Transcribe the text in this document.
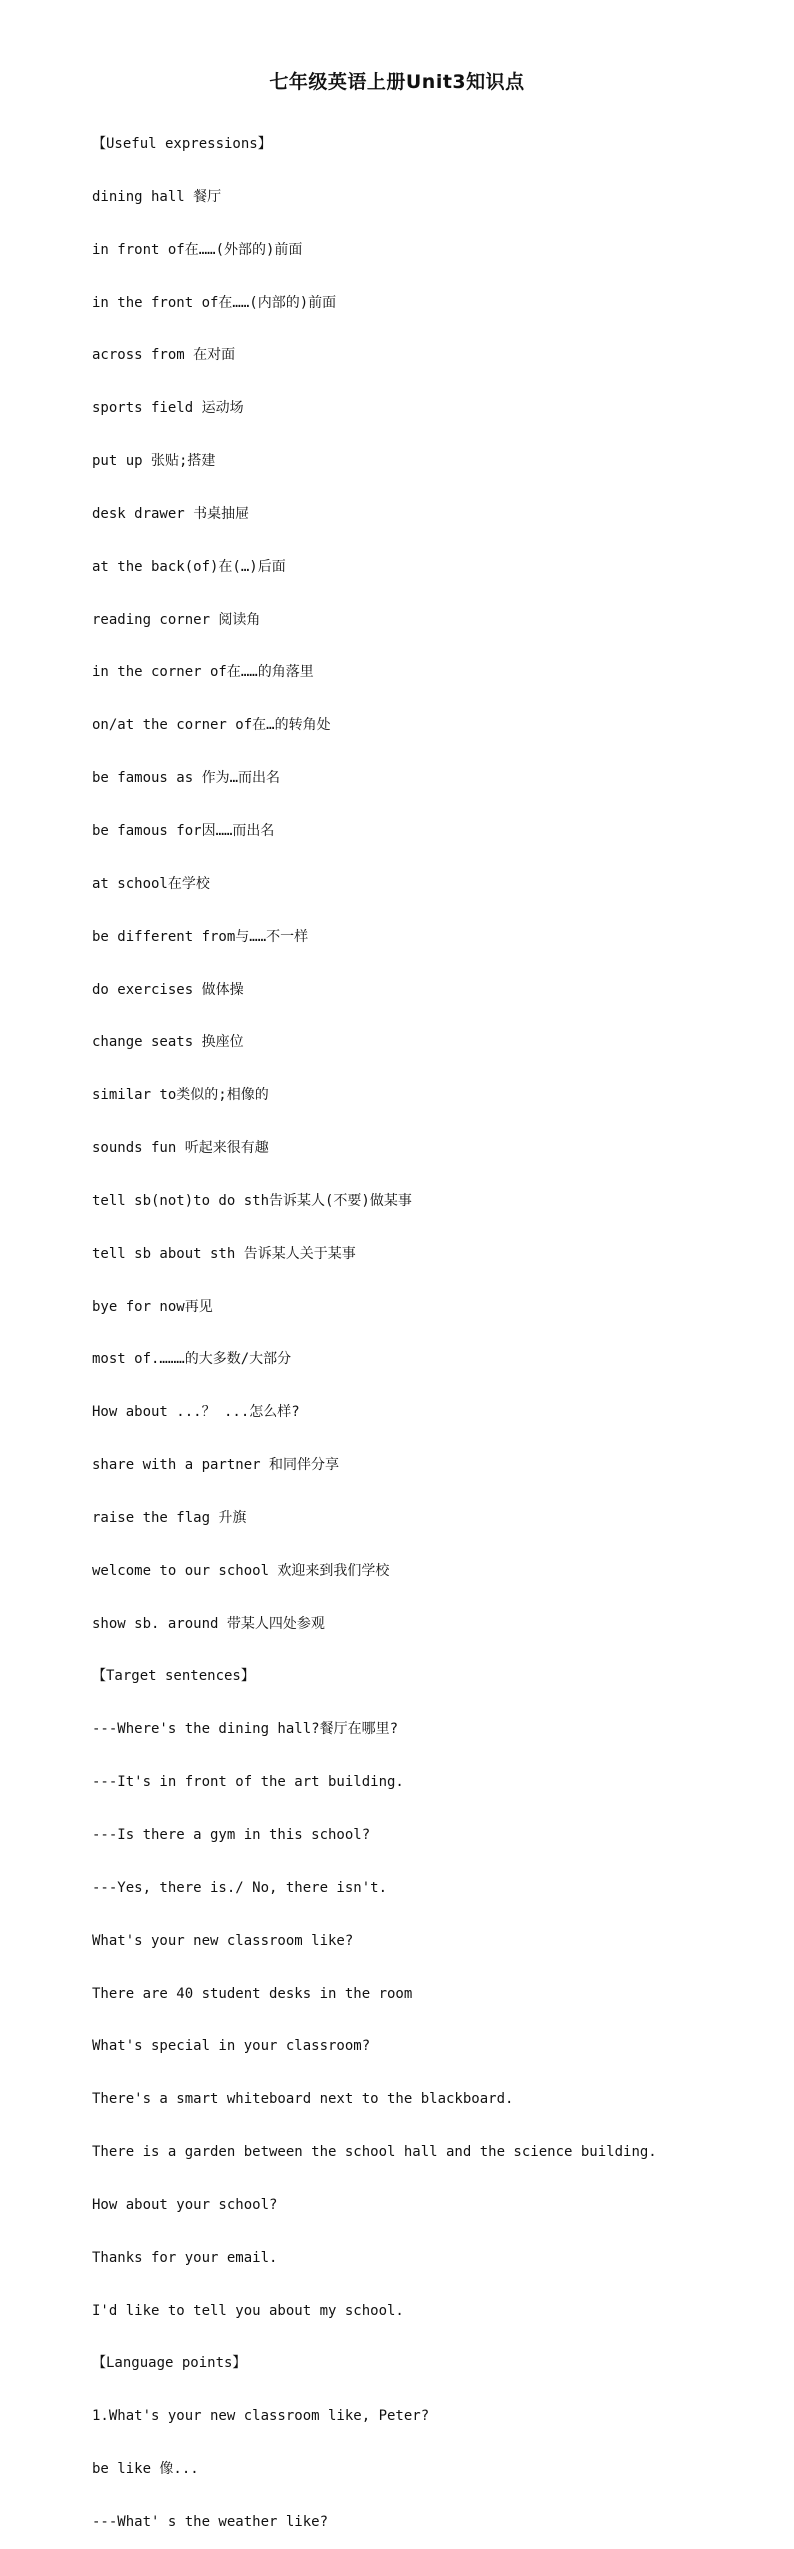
七年级英语上册Unit3知识点

【Useful expressions】

dining hall 餐厅

in front of在……(外部的)前面

in the front of在……(内部的)前面

across from 在对面

sports field 运动场

put up 张贴;搭建

desk drawer 书桌抽屉

at the back(of)在(…)后面

reading corner 阅读角

in the corner of在……的角落里

on/at the corner of在…的转角处

be famous as 作为…而出名

be famous for因……而出名

at school在学校

be different from与……不一样

do exercises 做体操

change seats 换座位

similar to类似的;相像的

sounds fun 听起来很有趣

tell sb(not)to do sth告诉某人(不要)做某事

tell sb about sth 告诉某人关于某事

bye for now再见

most of.………的大多数/大部分

How about ...？ ...怎么样?

share with a partner 和同伴分享

raise the flag 升旗

welcome to our school 欢迎来到我们学校

show sb. around 带某人四处参观

【Target sentences】

---Where's the dining hall?餐厅在哪里?

---It's in front of the art building.

---Is there a gym in this school?

---Yes, there is./ No, there isn't.

What's your new classroom like?

There are 40 student desks in the room

What's special in your classroom?

There's a smart whiteboard next to the blackboard.

There is a garden between the school hall and the science building.

How about your school?

Thanks for your email.

I'd like to tell you about my school.

【Language points】

1.What's your new classroom like, Peter?

be like 像...

---What' s the weather like?
